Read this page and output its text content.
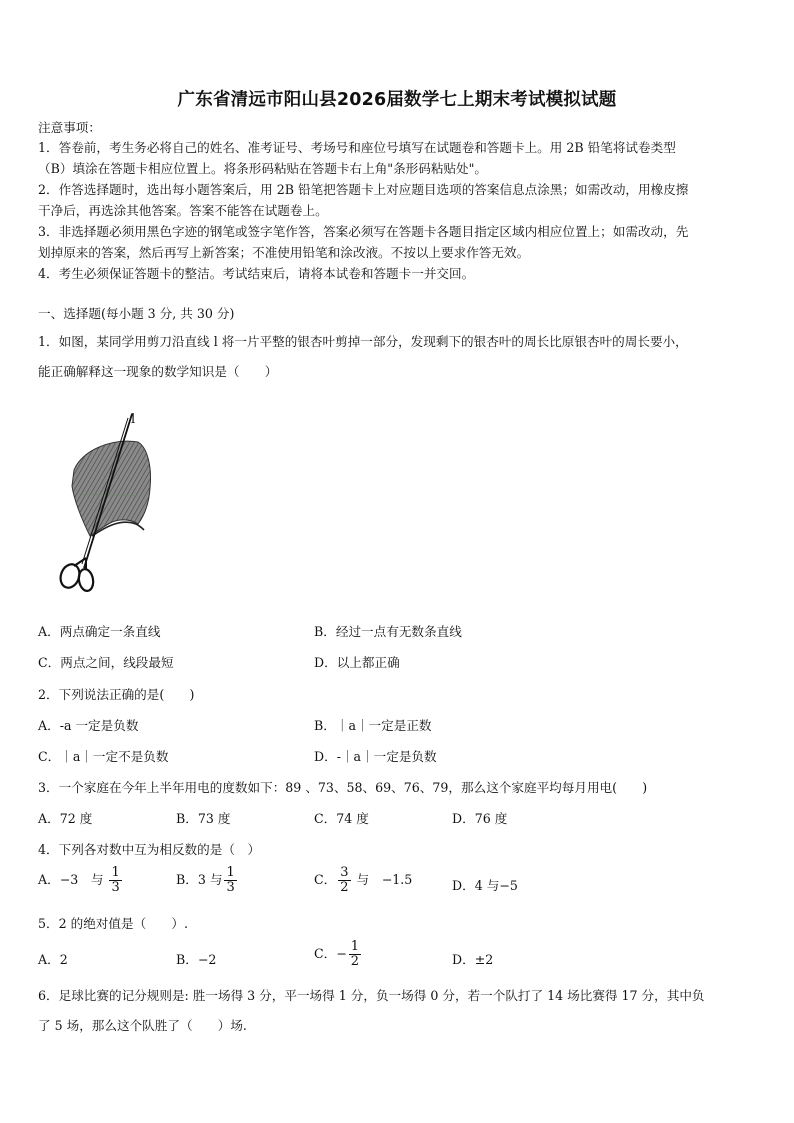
广东省清远市阳山县2026届数学七上期末考试模拟试题
注意事项：
1．答卷前，考生务必将自己的姓名、准考证号、考场号和座位号填写在试题卷和答题卡上。用 2B 铅笔将试卷类型
（B）填涂在答题卡相应位置上。将条形码粘贴在答题卡右上角"条形码粘贴处"。
2．作答选择题时，选出每小题答案后，用 2B 铅笔把答题卡上对应题目选项的答案信息点涂黑；如需改动，用橡皮擦
干净后，再选涂其他答案。答案不能答在试题卷上。
3．非选择题必须用黑色字迹的钢笔或签字笔作答，答案必须写在答题卡各题目指定区域内相应位置上；如需改动，先
划掉原来的答案，然后再写上新答案；不准使用铅笔和涂改液。不按以上要求作答无效。
4．考生必须保证答题卡的整洁。考试结束后，请将本试卷和答题卡一并交回。
一、选择题(每小题 3 分, 共 30 分)
1．如图，某同学用剪刀沿直线 l 将一片平整的银杏叶剪掉一部分，发现剩下的银杏叶的周长比原银杏叶的周长要小，
能正确解释这一现象的数学知识是（　　）
l
A．两点确定一条直线	B．经过一点有无数条直线
C．两点之间，线段最短	D．以上都正确
2．下列说法正确的是(　　)
A．-a 一定是负数	B．｜a｜一定是正数
C．｜a｜一定不是负数	D．-｜a｜一定是负数
3．一个家庭在今年上半年用电的度数如下：89 、73、58、69、76、79，那么这个家庭平均每月用电(　　)
A．72 度	B．73 度	C．74 度	D．76 度
4．下列各对数中互为相反数的是（　）
A．−3　与 $\frac{1}{3}$	B．3 与 $\frac{1}{3}$	C． $\frac{3}{2}$ 与　−1.5	D．4 与−5
5．2 的绝对值是（　　）.
A．2	B．−2	C．− $\frac{1}{2}$	D．±2
6．足球比赛的记分规则是: 胜一场得 3 分，平一场得 1 分，负一场得 0 分，若一个队打了 14 场比赛得 17 分，其中负
了 5 场，那么这个队胜了（　　）场.
